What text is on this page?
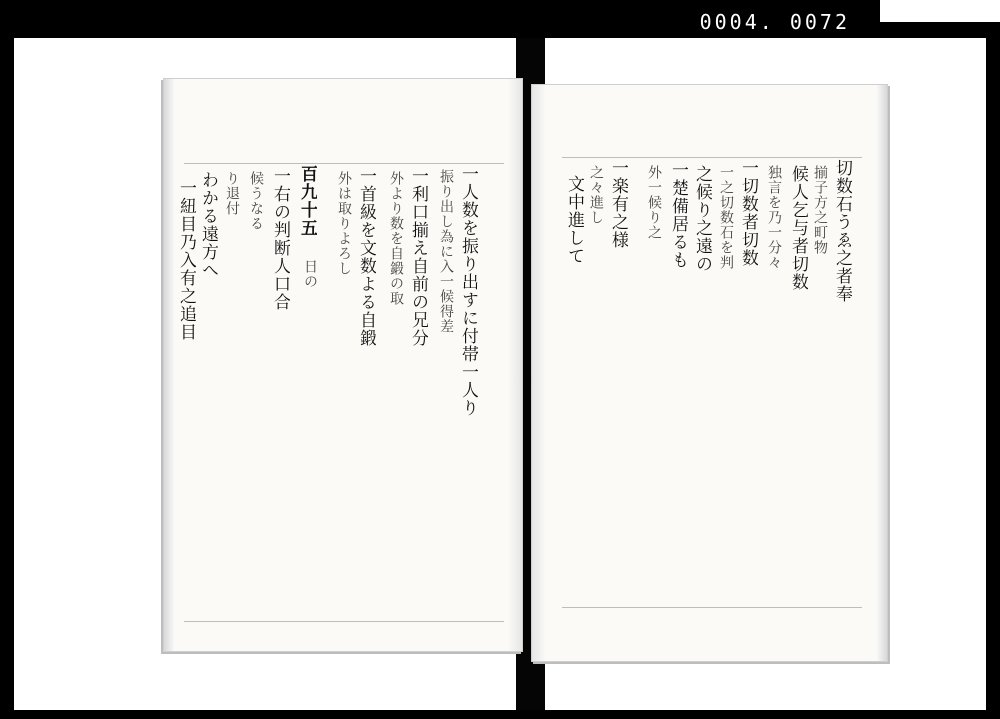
0004. 0072
一人数を振り出すに付帯一人り
振り出し為に入一候得差
一利口揃え自前の兄分
外より数を自鍛の取
一首級を文数よる自鍛
外は取りよろし
百九十五
日の
一右の判断人口合
候うなる
り退付
わかる遠方へ
一紐目乃入有之追目	切数石うゑ之者奉
揃子方之町物
候人乞与者切数
独言を乃一分々
一切数者切数
一之切数石を判
之候り之遠の
一楚備居るも
外一候り之
一楽有之様
之々進し
文中進して
